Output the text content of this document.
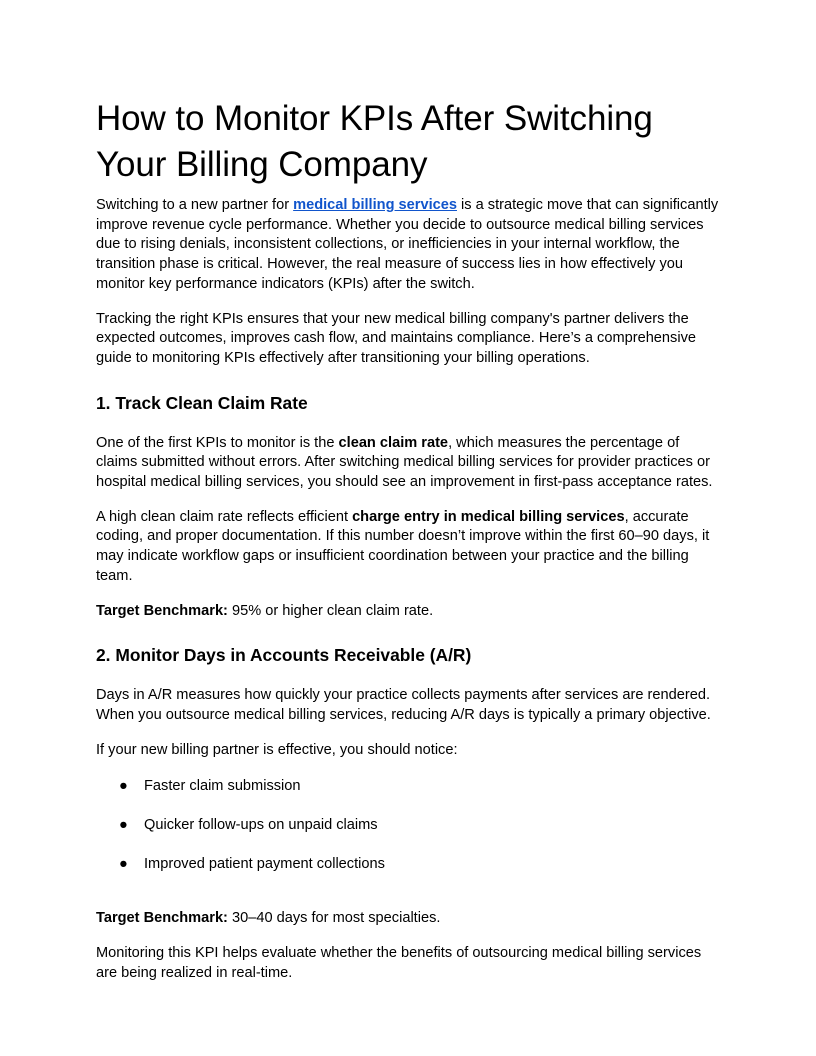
How to Monitor KPIs After Switching Your Billing Company

Switching to a new partner for medical billing services is a strategic move that can significantly improve revenue cycle performance. Whether you decide to outsource medical billing services due to rising denials, inconsistent collections, or inefficiencies in your internal workflow, the transition phase is critical. However, the real measure of success lies in how effectively you monitor key performance indicators (KPIs) after the switch.

Tracking the right KPIs ensures that your new medical billing company's partner delivers the expected outcomes, improves cash flow, and maintains compliance. Here’s a comprehensive guide to monitoring KPIs effectively after transitioning your billing operations.

1. Track Clean Claim Rate

One of the first KPIs to monitor is the clean claim rate, which measures the percentage of claims submitted without errors. After switching medical billing services for provider practices or hospital medical billing services, you should see an improvement in first-pass acceptance rates.

A high clean claim rate reflects efficient charge entry in medical billing services, accurate coding, and proper documentation. If this number doesn’t improve within the first 60–90 days, it may indicate workflow gaps or insufficient coordination between your practice and the billing team.

Target Benchmark: 95% or higher clean claim rate.

2. Monitor Days in Accounts Receivable (A/R)

Days in A/R measures how quickly your practice collects payments after services are rendered. When you outsource medical billing services, reducing A/R days is typically a primary objective.

If your new billing partner is effective, you should notice:

● Faster claim submission
● Quicker follow-ups on unpaid claims
● Improved patient payment collections

Target Benchmark: 30–40 days for most specialties.

Monitoring this KPI helps evaluate whether the benefits of outsourcing medical billing services are being realized in real-time.
